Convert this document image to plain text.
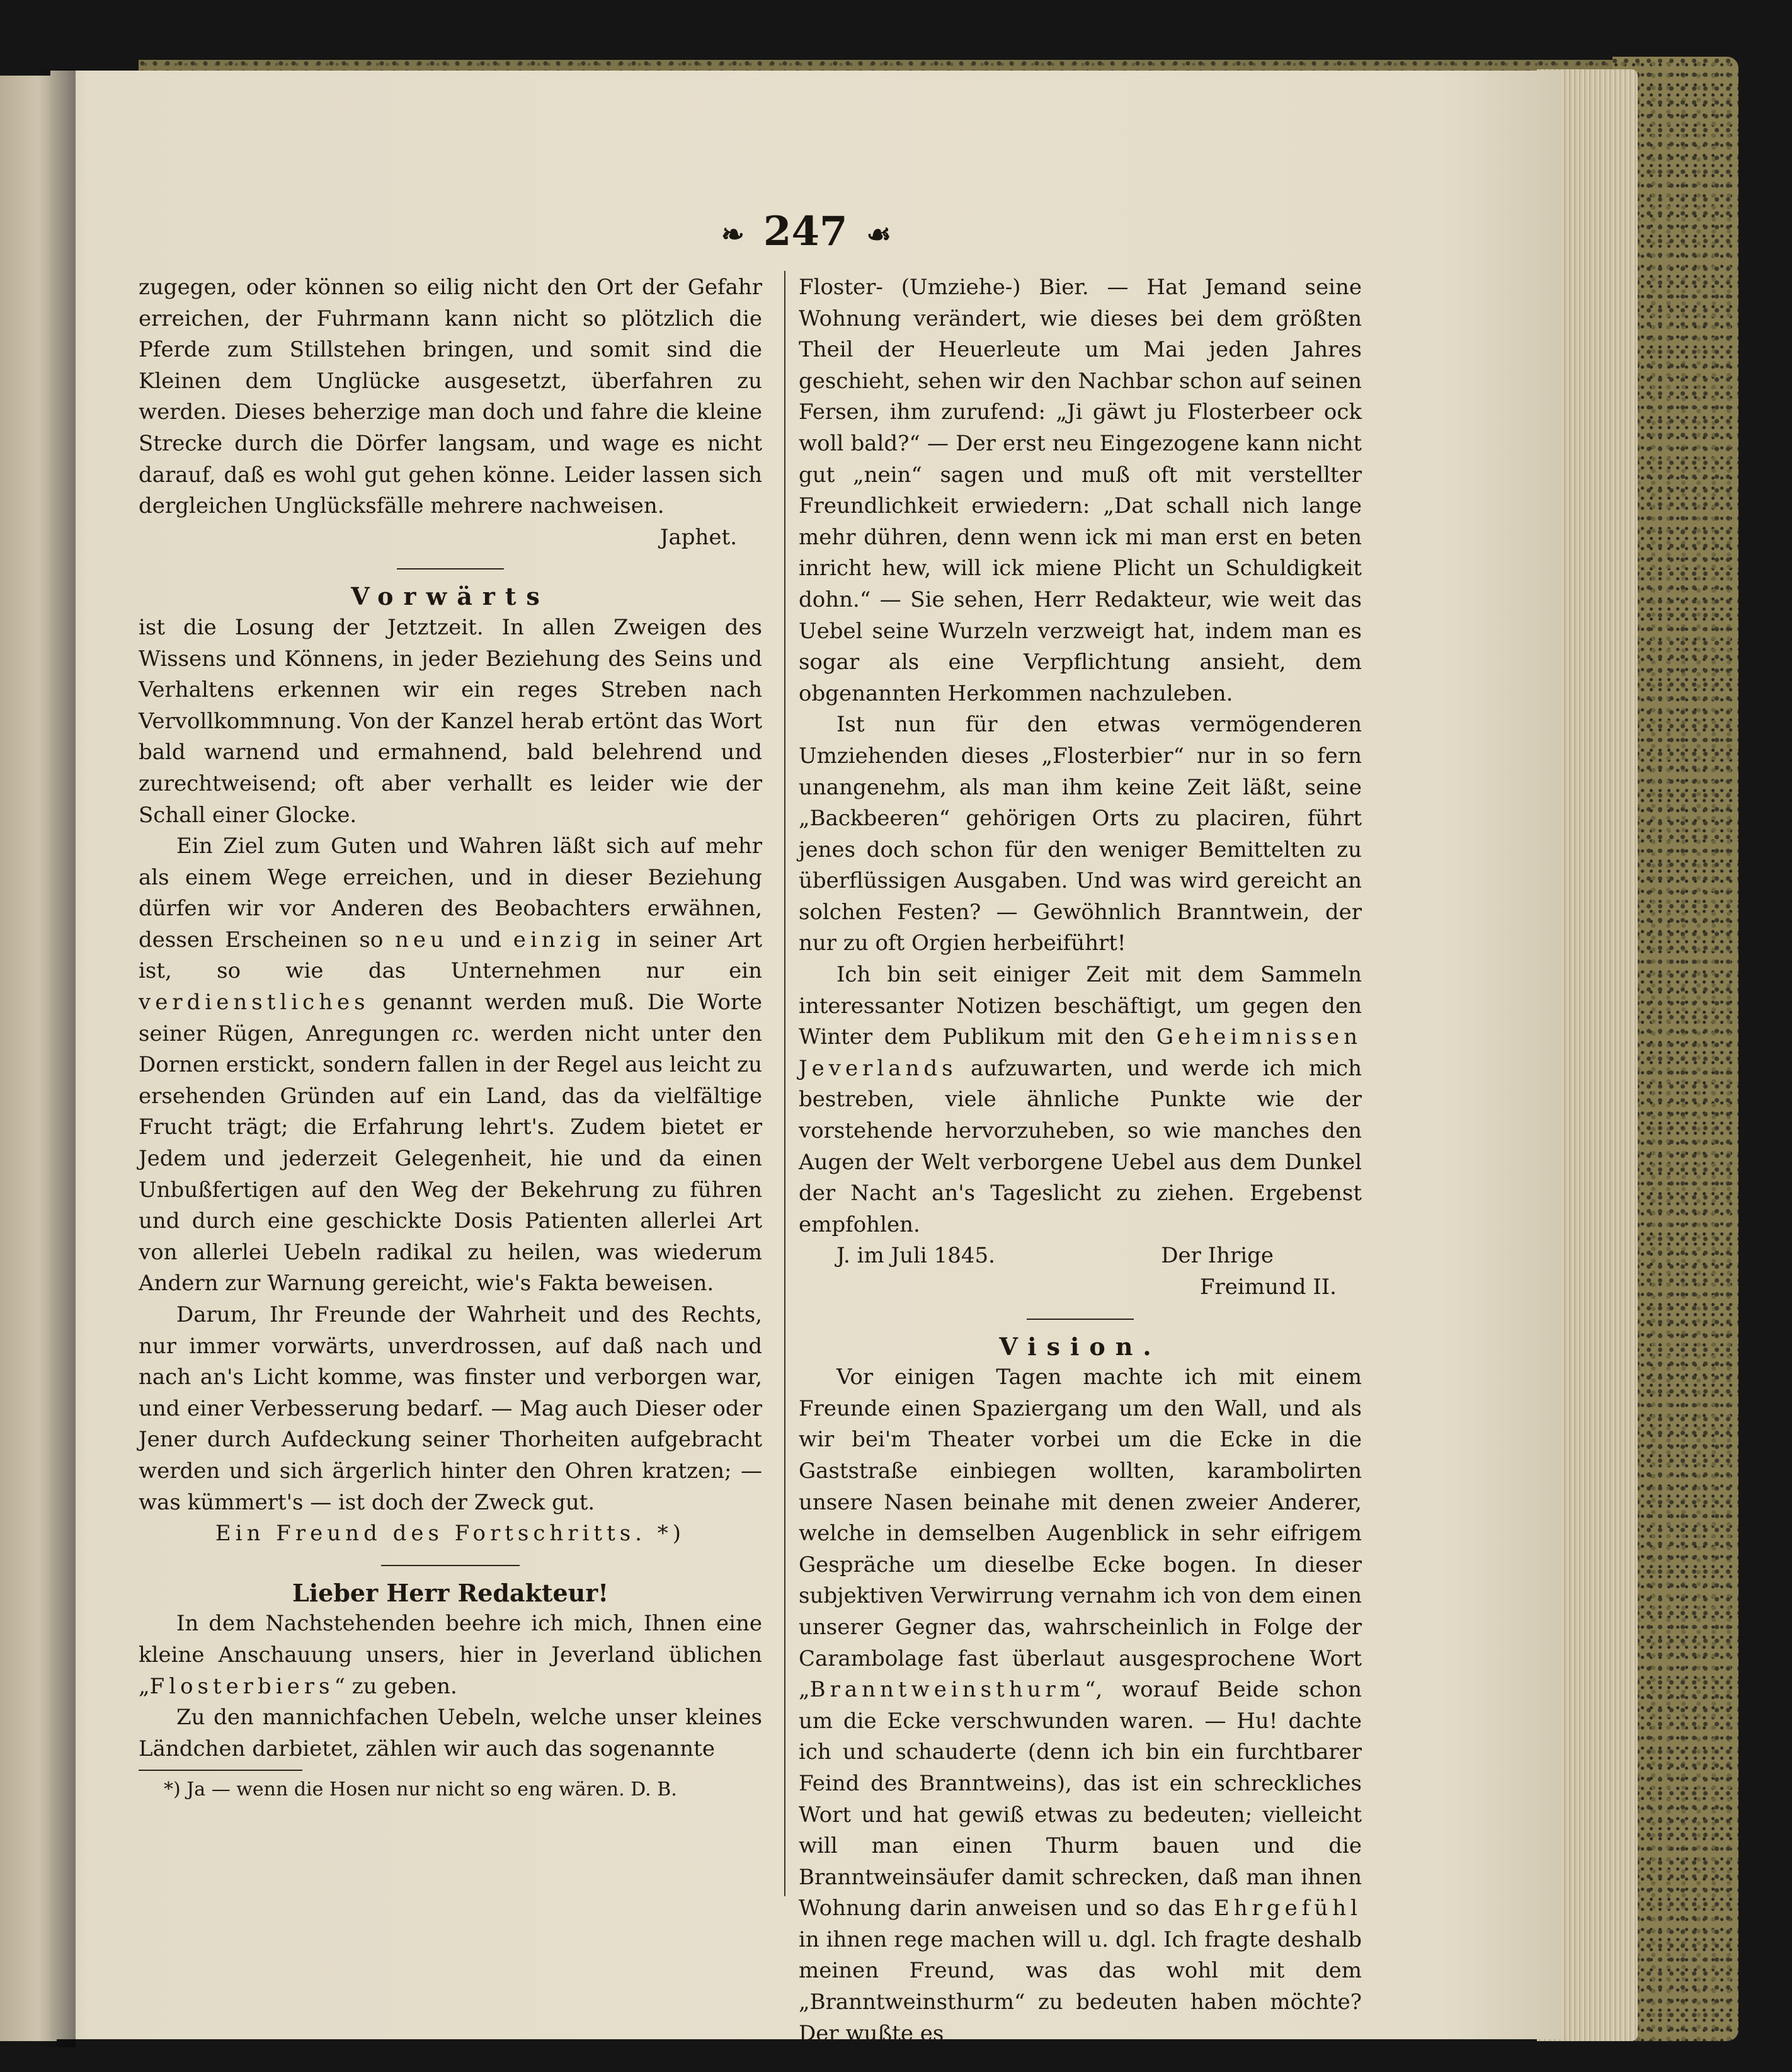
❧ 247 ☙

zugegen, oder können so eilig nicht den Ort der Gefahr erreichen, der Fuhrmann kann nicht so plötzlich die Pferde zum Stillstehen bringen, und somit sind die Kleinen dem Unglücke ausgesetzt, überfahren zu werden. Dieses beherzige man doch und fahre die kleine Strecke durch die Dörfer langsam, und wage es nicht darauf, daß es wohl gut gehen könne. Leider lassen sich dergleichen Unglücksfälle mehrere nachweisen.

Japhet.

Vorwärts

ist die Losung der Jetztzeit. In allen Zweigen des Wissens und Könnens, in jeder Beziehung des Seins und Verhaltens erkennen wir ein reges Streben nach Vervollkommnung. Von der Kanzel herab ertönt das Wort bald warnend und ermahnend, bald belehrend und zurechtweisend; oft aber verhallt es leider wie der Schall einer Glocke.

Ein Ziel zum Guten und Wahren läßt sich auf mehr als einem Wege erreichen, und in dieser Beziehung dürfen wir vor Anderen des Beobachters erwähnen, dessen Erscheinen so neu und einzig in seiner Art ist, so wie das Unternehmen nur ein verdienstliches genannt werden muß. Die Worte seiner Rügen, Anregungen ɾc. werden nicht unter den Dornen erstickt, sondern fallen in der Regel aus leicht zu ersehenden Gründen auf ein Land, das da vielfältige Frucht trägt; die Erfahrung lehrt's. Zudem bietet er Jedem und jederzeit Gelegenheit, hie und da einen Unbußfertigen auf den Weg der Bekehrung zu führen und durch eine geschickte Dosis Patienten allerlei Art von allerlei Uebeln radikal zu heilen, was wiederum Andern zur Warnung gereicht, wie's Fakta beweisen.

Darum, Ihr Freunde der Wahrheit und des Rechts, nur immer vorwärts, unverdrossen, auf daß nach und nach an's Licht komme, was finster und verborgen war, und einer Verbesserung bedarf. — Mag auch Dieser oder Jener durch Aufdeckung seiner Thorheiten aufgebracht werden und sich ärgerlich hinter den Ohren kratzen; — was kümmert's — ist doch der Zweck gut.

Ein Freund des Fortschritts. *)

Lieber Herr Redakteur!

In dem Nachstehenden beehre ich mich, Ihnen eine kleine Anschauung unsers, hier in Jeverland üblichen „Flosterbiers“ zu geben.

Zu den mannichfachen Uebeln, welche unser kleines Ländchen darbietet, zählen wir auch das sogenannte

*) Ja — wenn die Hosen nur nicht so eng wären. D. B.

Floster- (Umziehe-) Bier. — Hat Jemand seine Wohnung verändert, wie dieses bei dem größten Theil der Heuerleute um Mai jeden Jahres geschieht, sehen wir den Nachbar schon auf seinen Fersen, ihm zurufend: „Ji gäwt ju Flosterbeer ock woll bald?“ — Der erst neu Eingezogene kann nicht gut „nein“ sagen und muß oft mit verstellter Freundlichkeit erwiedern: „Dat schall nich lange mehr dühren, denn wenn ick mi man erst en beten inricht hew, will ick miene Plicht un Schuldigkeit dohn.“ — Sie sehen, Herr Redakteur, wie weit das Uebel seine Wurzeln verzweigt hat, indem man es sogar als eine Verpflichtung ansieht, dem obgenannten Herkommen nachzuleben.

Ist nun für den etwas vermögenderen Umziehenden dieses „Flosterbier“ nur in so fern unangenehm, als man ihm keine Zeit läßt, seine „Backbeeren“ gehörigen Orts zu placiren, führt jenes doch schon für den weniger Bemittelten zu überflüssigen Ausgaben. Und was wird gereicht an solchen Festen? — Gewöhnlich Branntwein, der nur zu oft Orgien herbeiführt!

Ich bin seit einiger Zeit mit dem Sammeln interessanter Notizen beschäftigt, um gegen den Winter dem Publikum mit den Geheimnissen Jeverlands aufzuwarten, und werde ich mich bestreben, viele ähnliche Punkte wie der vorstehende hervorzuheben, so wie manches den Augen der Welt verborgene Uebel aus dem Dunkel der Nacht an's Tageslicht zu ziehen. Ergebenst empfohlen.

J. im Juli 1845.	Der Ihrige

Freimund II.

Vision.

Vor einigen Tagen machte ich mit einem Freunde einen Spaziergang um den Wall, und als wir bei'm Theater vorbei um die Ecke in die Gaststraße einbiegen wollten, karambolirten unsere Nasen beinahe mit denen zweier Anderer, welche in demselben Augenblick in sehr eifrigem Gespräche um dieselbe Ecke bogen. In dieser subjektiven Verwirrung vernahm ich von dem einen unserer Gegner das, wahrscheinlich in Folge der Carambolage fast überlaut ausgesprochene Wort „Branntweinsthurm“, worauf Beide schon um die Ecke verschwunden waren. — Hu! dachte ich und schauderte (denn ich bin ein furchtbarer Feind des Branntweins), das ist ein schreckliches Wort und hat gewiß etwas zu bedeuten; vielleicht will man einen Thurm bauen und die Branntweinsäufer damit schrecken, daß man ihnen Wohnung darin anweisen und so das Ehrgefühl in ihnen rege machen will u. dgl. Ich fragte deshalb meinen Freund, was das wohl mit dem „Branntweinsthurm“ zu bedeuten haben möchte? Der wußte es
